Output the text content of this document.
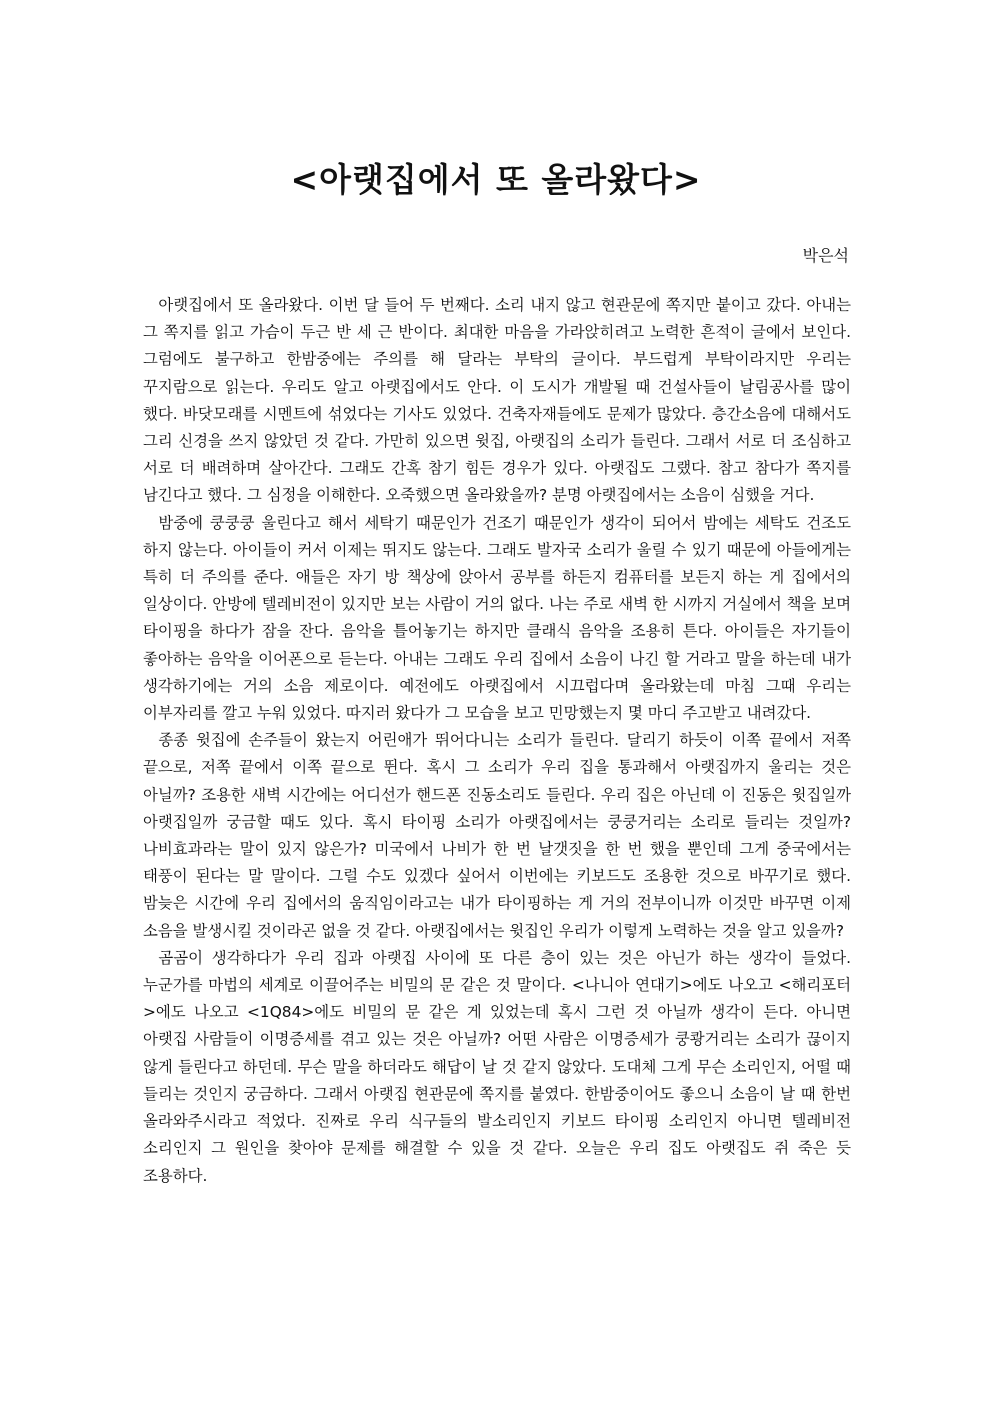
<아랫집에서 또 올라왔다>
박은석

아랫집에서 또 올라왔다. 이번 달 들어 두 번째다. 소리 내지 않고 현관문에 쪽지만 붙이고 갔다. 아내는 그 쪽지를 읽고 가슴이 두근 반 세 근 반이다. 최대한 마음을 가라앉히려고 노력한 흔적이 글에서 보인다. 그럼에도 불구하고 한밤중에는 주의를 해 달라는 부탁의 글이다. 부드럽게 부탁이라지만 우리는 꾸지람으로 읽는다. 우리도 알고 아랫집에서도 안다. 이 도시가 개발될 때 건설사들이 날림공사를 많이 했다. 바닷모래를 시멘트에 섞었다는 기사도 있었다. 건축자재들에도 문제가 많았다. 층간소음에 대해서도 그리 신경을 쓰지 않았던 것 같다. 가만히 있으면 윗집, 아랫집의 소리가 들린다. 그래서 서로 더 조심하고 서로 더 배려하며 살아간다. 그래도 간혹 참기 힘든 경우가 있다. 아랫집도 그랬다. 참고 참다가 쪽지를 남긴다고 했다. 그 심정을 이해한다. 오죽했으면 올라왔을까? 분명 아랫집에서는 소음이 심했을 거다.

밤중에 쿵쿵쿵 울린다고 해서 세탁기 때문인가 건조기 때문인가 생각이 되어서 밤에는 세탁도 건조도 하지 않는다. 아이들이 커서 이제는 뛰지도 않는다. 그래도 발자국 소리가 울릴 수 있기 때문에 아들에게는 특히 더 주의를 준다. 애들은 자기 방 책상에 앉아서 공부를 하든지 컴퓨터를 보든지 하는 게 집에서의 일상이다. 안방에 텔레비전이 있지만 보는 사람이 거의 없다. 나는 주로 새벽 한 시까지 거실에서 책을 보며 타이핑을 하다가 잠을 잔다. 음악을 틀어놓기는 하지만 클래식 음악을 조용히 튼다. 아이들은 자기들이 좋아하는 음악을 이어폰으로 듣는다. 아내는 그래도 우리 집에서 소음이 나긴 할 거라고 말을 하는데 내가 생각하기에는 거의 소음 제로이다. 예전에도 아랫집에서 시끄럽다며 올라왔는데 마침 그때 우리는 이부자리를 깔고 누워 있었다. 따지러 왔다가 그 모습을 보고 민망했는지 몇 마디 주고받고 내려갔다.

종종 윗집에 손주들이 왔는지 어린애가 뛰어다니는 소리가 들린다. 달리기 하듯이 이쪽 끝에서 저쪽 끝으로, 저쪽 끝에서 이쪽 끝으로 뛴다. 혹시 그 소리가 우리 집을 통과해서 아랫집까지 울리는 것은 아닐까? 조용한 새벽 시간에는 어디선가 핸드폰 진동소리도 들린다. 우리 집은 아닌데 이 진동은 윗집일까 아랫집일까 궁금할 때도 있다. 혹시 타이핑 소리가 아랫집에서는 쿵쿵거리는 소리로 들리는 것일까? 나비효과라는 말이 있지 않은가? 미국에서 나비가 한 번 날갯짓을 한 번 했을 뿐인데 그게 중국에서는 태풍이 된다는 말 말이다. 그럴 수도 있겠다 싶어서 이번에는 키보드도 조용한 것으로 바꾸기로 했다. 밤늦은 시간에 우리 집에서의 움직임이라고는 내가 타이핑하는 게 거의 전부이니까 이것만 바꾸면 이제 소음을 발생시킬 것이라곤 없을 것 같다. 아랫집에서는 윗집인 우리가 이렇게 노력하는 것을 알고 있을까?

곰곰이 생각하다가 우리 집과 아랫집 사이에 또 다른 층이 있는 것은 아닌가 하는 생각이 들었다. 누군가를 마법의 세계로 이끌어주는 비밀의 문 같은 것 말이다. <나니아 연대기>에도 나오고 <해리포터>에도 나오고 <1Q84>에도 비밀의 문 같은 게 있었는데 혹시 그런 것 아닐까 생각이 든다. 아니면 아랫집 사람들이 이명증세를 겪고 있는 것은 아닐까? 어떤 사람은 이명증세가 쿵쾅거리는 소리가 끊이지 않게 들린다고 하던데. 무슨 말을 하더라도 해답이 날 것 같지 않았다. 도대체 그게 무슨 소리인지, 어떨 때 들리는 것인지 궁금하다. 그래서 아랫집 현관문에 쪽지를 붙였다. 한밤중이어도 좋으니 소음이 날 때 한번 올라와주시라고 적었다. 진짜로 우리 식구들의 발소리인지 키보드 타이핑 소리인지 아니면 텔레비전 소리인지 그 원인을 찾아야 문제를 해결할 수 있을 것 같다. 오늘은 우리 집도 아랫집도 쥐 죽은 듯 조용하다.
